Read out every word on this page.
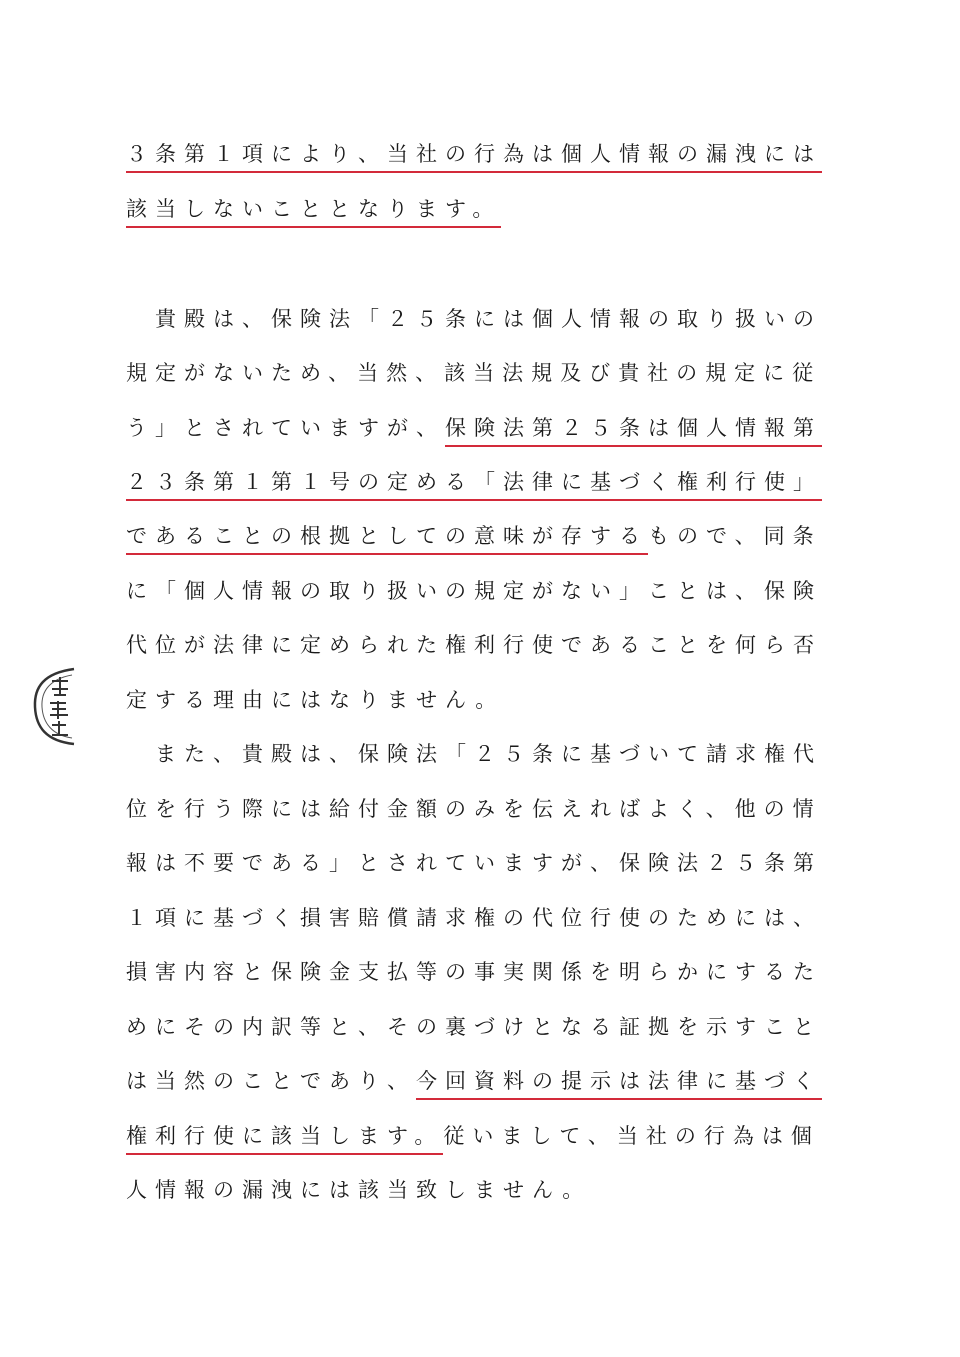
３条第１項により、当社の行為は個人情報の漏洩には
該当しないこととなります。
　貴殿は、保険法「２５条には個人情報の取り扱いの
規定がないため、当然、該当法規及び貴社の規定に従
う」とされていますが、保険法第２５条は個人情報第
２３条第１第１号の定める「法律に基づく権利行使」
であることの根拠としての意味が存するもので、同条
に「個人情報の取り扱いの規定がない」ことは、保険
代位が法律に定められた権利行使であることを何ら否
定する理由にはなりません。
　また、貴殿は、保険法「２５条に基づいて請求権代
位を行う際には給付金額のみを伝えればよく、他の情
報は不要である」とされていますが、保険法２５条第
１項に基づく損害賠償請求権の代位行使のためには、
損害内容と保険金支払等の事実関係を明らかにするた
めにその内訳等と、その裏づけとなる証拠を示すこと
は当然のことであり、今回資料の提示は法律に基づく
権利行使に該当します。従いまして、当社の行為は個
人情報の漏洩には該当致しません。
